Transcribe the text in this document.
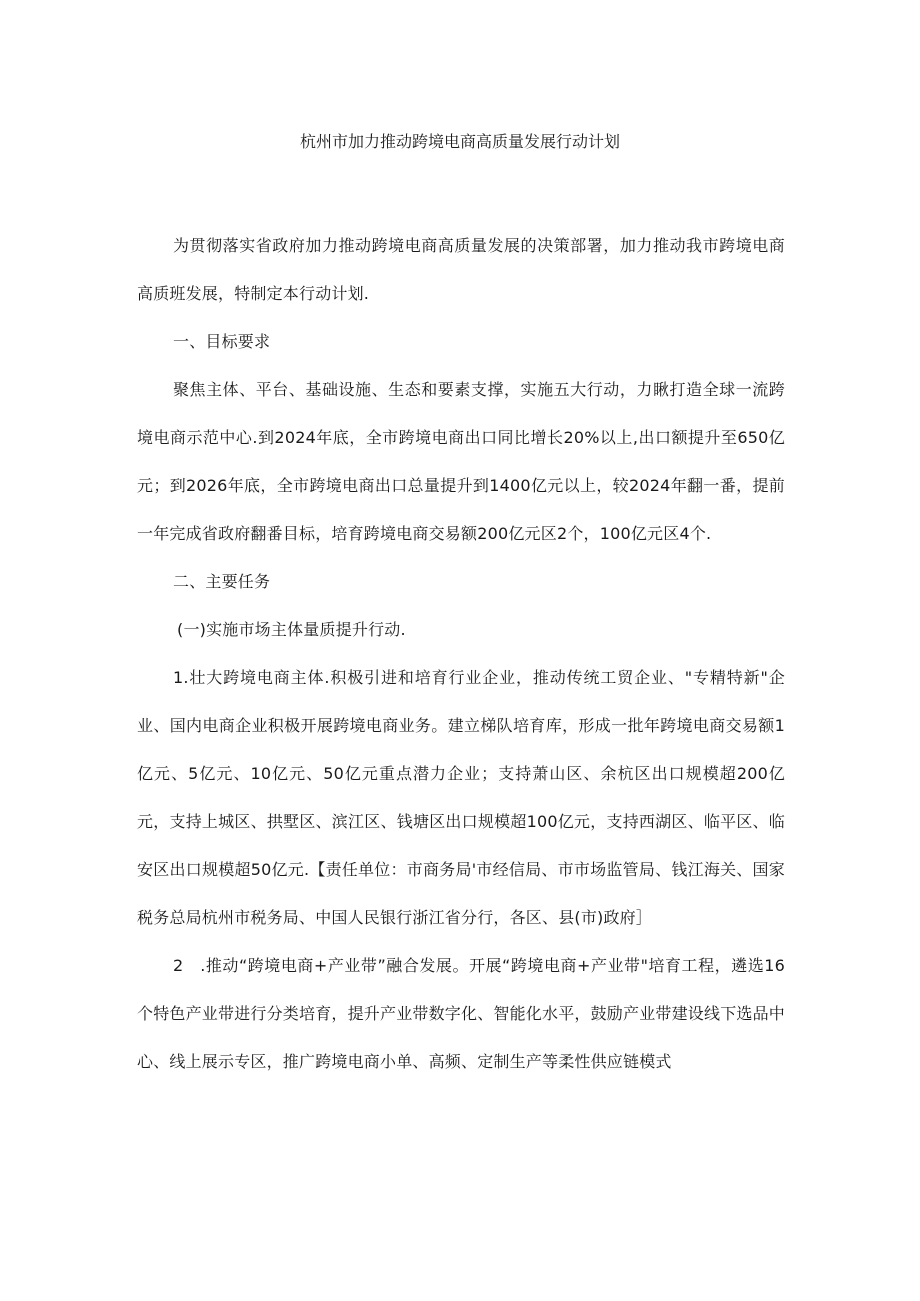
杭州市加力推动跨境电商高质量发展行动计划

为贯彻落实省政府加力推动跨境电商高质量发展的决策部署，加力推动我市跨境电商高质班发展，特制定本行动计划.

一、目标要求

聚焦主体、平台、基础设施、生态和要素支撑，实施五大行动，力瞅打造全球一流跨境电商示范中心.到2024年底，全市跨境电商出口同比增长20%以上,出口额提升至650亿元；到2026年底，全市跨境电商出口总量提升到1400亿元以上，较2024年翻一番，提前一年完成省政府翻番目标，培育跨境电商交易额200亿元区2个，100亿元区4个.

二、主要任务

(一)实施市场主体量质提升行动.

1.壮大跨境电商主体.积极引进和培育行业企业，推动传统工贸企业、"专精特新"企业、国内电商企业积极开展跨境电商业务。建立梯队培育库，形成一批年跨境电商交易额1亿元、5亿元、10亿元、50亿元重点潜力企业；支持萧山区、余杭区出口规模超200亿元，支持上城区、拱墅区、滨江区、钱塘区出口规模超100亿元，支持西湖区、临平区、临安区出口规模超50亿元.【责任单位：市商务局'市经信局、市市场监管局、钱江海关、国家税务总局杭州市税务局、中国人民银行浙江省分行，各区、县(市)政府］

2　.推动“跨境电商+产业带”融合发展。开展“跨境电商+产业带"培育工程，遴选16个特色产业带进行分类培育，提升产业带数字化、智能化水平，鼓励产业带建设线下选品中心、线上展示专区，推广跨境电商小单、高频、定制生产等柔性供应链模式
